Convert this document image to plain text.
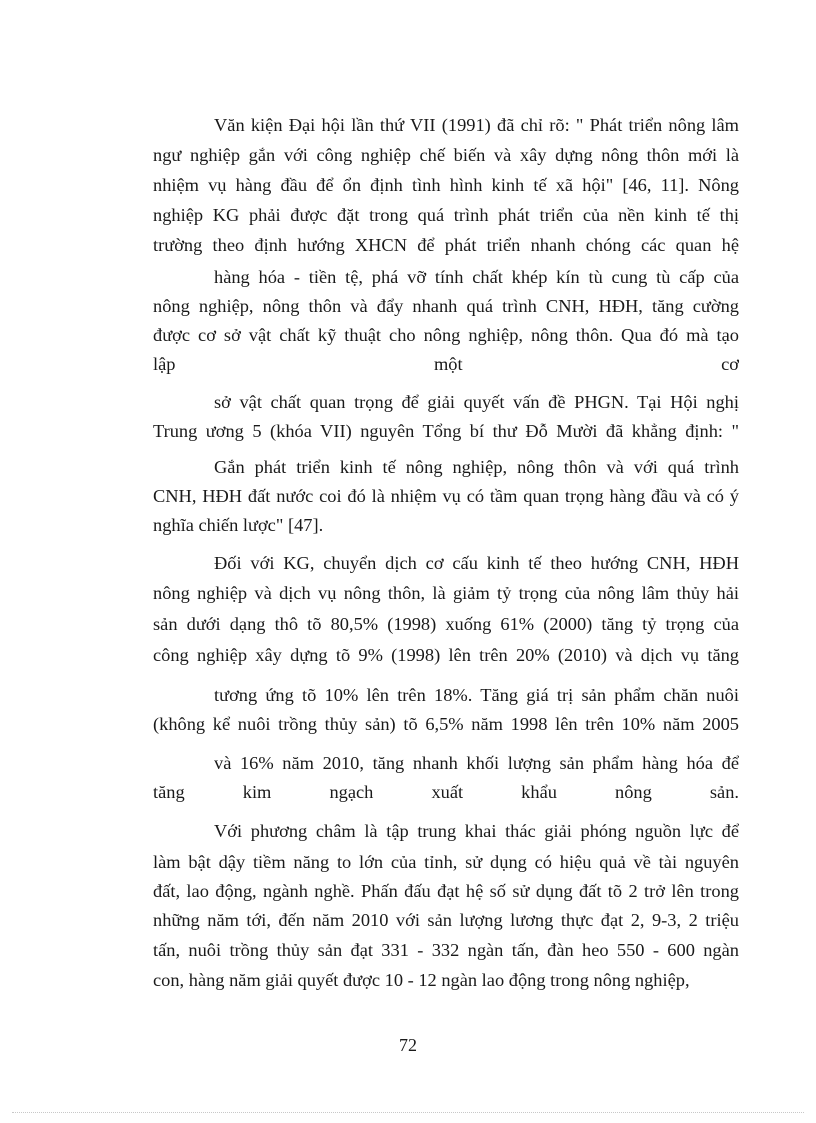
Văn kiện Đại hội lần thứ VII (1991) đã chỉ rõ: " Phát triển nông lâm
ngư nghiệp gắn với công nghiệp chế biến và xây dựng nông thôn mới là
nhiệm vụ hàng đầu để ổn định tình hình kinh tế xã hội" [46, 11]. Nông
nghiệp KG phải được đặt trong quá trình phát triển của nền kinh tế thị
trường theo định hướng XHCN để phát triển nhanh chóng các quan hệ
hàng hóa - tiền tệ, phá vỡ tính chất khép kín tù cung tù cấp của
nông nghiệp, nông thôn và đẩy nhanh quá trình CNH, HĐH, tăng cường
được cơ sở vật chất kỹ thuật cho nông nghiệp, nông thôn. Qua đó mà tạo
lập một cơ
sở vật chất quan trọng để giải quyết vấn đề PHGN. Tại Hội nghị
Trung ương 5 (khóa VII) nguyên Tổng bí thư Đỗ Mười đã khẳng định: "
Gắn phát triển kinh tế nông nghiệp, nông thôn và với quá trình
CNH, HĐH đất nước coi đó là nhiệm vụ có tầm quan trọng hàng đầu và có ý
nghĩa chiến lược" [47].
Đối với KG, chuyển dịch cơ cấu kinh tế theo hướng CNH, HĐH
nông nghiệp và dịch vụ nông thôn, là giảm tỷ trọng của nông lâm thủy hải
sản dưới dạng thô tõ 80,5% (1998) xuống 61% (2000) tăng tỷ trọng của
công nghiệp xây dựng tõ 9% (1998) lên trên 20% (2010) và dịch vụ tăng
tương ứng tõ 10% lên trên 18%. Tăng giá trị sản phẩm chăn nuôi
(không kể nuôi trồng thủy sản) tõ 6,5% năm 1998 lên trên 10% năm 2005
và 16% năm 2010, tăng nhanh khối lượng sản phẩm hàng hóa để
tăng kim ngạch xuất khẩu nông sản.
Với phương châm là tập trung khai thác giải phóng nguồn lực để
làm bật dậy tiềm năng to lớn của tỉnh, sử dụng có hiệu quả về tài nguyên
đất, lao động, ngành nghề. Phấn đấu đạt hệ số sử dụng đất tõ 2 trở lên trong
những năm tới, đến năm 2010 với sản lượng lương thực đạt 2, 9-3, 2 triệu
tấn, nuôi trồng thủy sản đạt 331 - 332 ngàn tấn, đàn heo 550 - 600 ngàn
con, hàng năm giải quyết được 10 - 12 ngàn lao động trong nông nghiệp,
72
